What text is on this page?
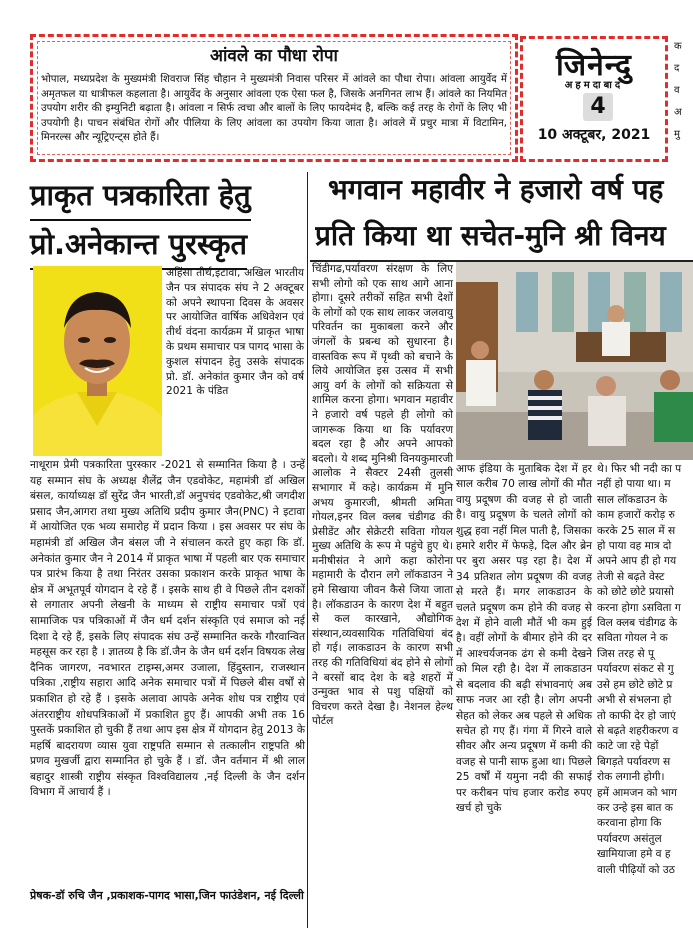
आंवले का पौधा रोपा
भोपाल, मध्यप्रदेश के मुख्यमंत्री शिवराज सिंह चौहान ने मुख्यमंत्री निवास परिसर में आंवले का पौधा रोपा। आंवला आयुर्वेद में अमृतफल या धात्रीफल कहलाता है। आयुर्वेद के अनुसार आंवला एक ऐसा फल है, जिसके अनगिनत लाभ हैं। आंवले का नियमित उपयोग शरीर की इम्युनिटी बढ़ाता है। आंवला न सिर्फ त्वचा और बालों के लिए फायदेमंद है, बल्कि कई तरह के रोगों के लिए भी उपयोगी है। पाचन संबंधित रोगों और पीलिया के लिए आंवला का उपयोग किया जाता है। आंवले में प्रचुर मात्रा में विटामिन, मिनरल्स और न्यूट्रिएन्ट्स होते हैं।
जिनेन्दु
अहमदाबाद
4
10 अक्टूबर, 2021
क
द
व
अ
मु
प्राकृत पत्रकारिता हेतु
प्रो.अनेकान्त पुरस्कृत
अहिंसा तीर्थ,इटावा, अखिल भारतीय जैन पत्र संपादक संघ ने 2 अक्टूबर को अपने स्थापना दिवस के अवसर पर आयोजित वार्षिक अधिवेशन एवं तीर्थ वंदना कार्यक्रम में प्राकृत भाषा के प्रथम समाचार पत्र पागद भासा के कुशल संपादन हेतु उसके संपादक प्रो. डॉ. अनेकांत कुमार जैन को वर्ष 2021 के पंडित
नाथूराम प्रेमी पत्रकारिता पुरस्कार -2021 से सम्मानित किया है । उन्हें यह सम्मान संघ के अध्यक्ष शैलेंद्र जैन एडवोकेट, महामंत्री डॉ अखिल बंसल, कार्याध्यक्ष डॉ सुरेंद्र जैन भारती,डॉ अनुपचंद एडवोकेट,श्री जगदीश प्रसाद जैन,आगरा तथा मुख्य अतिथि प्रदीप कुमार जैन(PNC) ने इटावा में आयोजित एक भव्य समारोह में प्रदान किया । इस अवसर पर संघ के महामंत्री डॉ अखिल जैन बंसल जी ने संचालन करते हुए कहा कि डॉ. अनेकांत कुमार जैन ने 2014 में प्राकृत भाषा में पहली बार एक समाचार पत्र प्रारंभ किया है तथा निरंतर उसका प्रकाशन करके प्राकृत भाषा के क्षेत्र में अभूतपूर्व योगदान दे रहे हैं । इसके साथ ही वे पिछले तीन दशकों से लगातार अपनी लेखनी के माध्यम से राष्ट्रीय समाचार पत्रों एवं सामाजिक पत्र पत्रिकाओं में जैन धर्म दर्शन संस्कृति एवं समाज को नई दिशा दे रहे हैं, इसके लिए संपादक संघ उन्हें सम्मानित करके गौरवान्वित महसूस कर रहा है । ज्ञातव्य है कि डॉ.जैन के जैन धर्म दर्शन विषयक लेख दैनिक जागरण, नवभारत टाइम्स,अमर उजाला, हिंदुस्तान, राजस्थान पत्रिका ,राष्ट्रीय सहारा आदि अनेक समाचार पत्रों में पिछले बीस वर्षों से प्रकाशित हो रहे हैं । इसके अलावा आपके अनेक शोध पत्र राष्ट्रीय एवं अंतरराष्ट्रीय शोधपत्रिकाओं में प्रकाशित हुए हैं। आपकी अभी तक 16 पुस्तकें प्रकाशित हो चुकी हैं तथा आप इस क्षेत्र में योगदान हेतु 2013 के महर्षि बादरायण व्यास युवा राष्ट्रपति सम्मान से तत्कालीन राष्ट्रपति श्री प्रणव मुखर्जी द्वारा सम्मानित हो चुके हैं । डॉ. जैन वर्तमान में श्री लाल बहादुर शास्त्री राष्ट्रीय संस्कृत विश्वविद्यालय ,नई दिल्ली के जैन दर्शन विभाग में आचार्य हैं ।
प्रेषक-डॉ रुचि जैन ,प्रकाशक-पागद भासा,जिन फाउंडेशन, नई दिल्ली
भगवान महावीर ने हजारो वर्ष पह
प्रति किया था सचेत-मुनि श्री विनय
चिंडीगढ,पर्यावरण संरक्षण के लिए सभी लोगो को एक साथ आगे आना होगा। दूसरे तरीकों सहित सभी देशों के लोगों को एक साथ लाकर जलवायु परिवर्तन का मुकाबला करने और जंगलों के प्रबन्ध को सुधारना है। वास्तविक रूप में पृथ्वी को बचाने के लिये आयोजित इस उत्सव में सभी आयु वर्ग के लोगों को सक्रियता से शामिल करना होगा। भगवान महावीर ने हजारो वर्ष पहले ही लोगो को जागरूक किया था कि पर्यावरण बदल रहा है और अपने आपको बदलो। ये शब्द मुनिश्री विनयकुमारजी आलोक ने सैक्टर 24सी तुलसी सभागार में कहे। कार्यक्रम में मुनि अभय कुमारजी, श्रीमती अमिता गोयल,इनर विल क्लब चंडीगढ की प्रेसीडेंट और सेक्रेटरी सविता गोयल मुख्य अतिथि के रूप मे पहुंचे हुए थे। मनीषीसंत ने आगे कहा कोरोना महामारी के दौरान लगे लॉकडाउन ने हमे सिखाया जीवन कैसे जिया जाता है। लॉकडाउन के कारण देश में बहुत से कल कारखाने, औद्योगिक संस्थान,व्यवसायिक गतिविधियां बंद हो गई। लाकडाउन के कारण सभी तरह की गतिविधियां बंद होने से लोगों ने बरसों बाद देश के बड़े शहरों में उन्मुक्त भाव से पशु पक्षियों को विचरण करते देखा है। नेशनल हेल्थ पोर्टल
आफ इंडिया के मुताबिक देश में हर साल करीब 70 लाख लोगों की मौत वायु प्रदूषण की वजह से हो जाती है। वायु प्रदूषण के चलते लोगों को शुद्ध हवा नहीं मिल पाती है, जिसका हमारे शरीर में फेफड़े, दिल और ब्रेन पर बुरा असर पड़ रहा है। देश में 34 प्रतिशत लोग प्रदूषण की वजह से मरते हैं। मगर लाकडाउन के चलते प्रदूषण कम होने की वजह से देश में होने वाली मौतें भी कम हुई है। वहीं लोगों के बीमार होने की दर में आश्चर्यजनक ढंग से कमी देखने को मिल रही है। देश में लाकडाउन से बदलाव की बढ़ी संभावनाएं अब साफ नजर आ रही है। लोग अपनी सेहत को लेकर अब पहले से अधिक सचेत हो गए हैं। गंगा में गिरने वाले सीवर और अन्य प्रदूषण में कमी की वजह से पानी साफ हुआ था। पिछले 25 वर्षों में यमुना नदी की सफाई पर करीबन पांच हजार करोड रुपए खर्च हो चुके
थे। फिर भी नदी का प
नहीं हो पाया था। म
साल लॉकडाउन के
काम हजारों करोड़ रु
करके 25 साल में स
हो पाया वह मात्र दो
अपने आप ही हो गय
तेजी से बढ़ते वेस्ट
को छोटे छोटे प्रयासो
करना होगा ऽसविता ग
विल क्लब चंडीगढ के
सविता गोयल ने क
जिस तरह से पू
पर्यावरण संकट से गु
उसे हम छोटे छोटे प्र
अभी से संभलना हो
तो काफी देर हो जाएं
से बढ़ते शहरीकरण व
काटे जा रहे पेड़ों
बिगड़ते पर्यावरण स
रोक लगानी होगी।
हमें आमजन को भाग
कर उन्हे इस बात क
करवाना होगा कि
पर्यावरण असंतुल
खामियाजा हमे व ह
वाली पीढ़ियों को उठ
